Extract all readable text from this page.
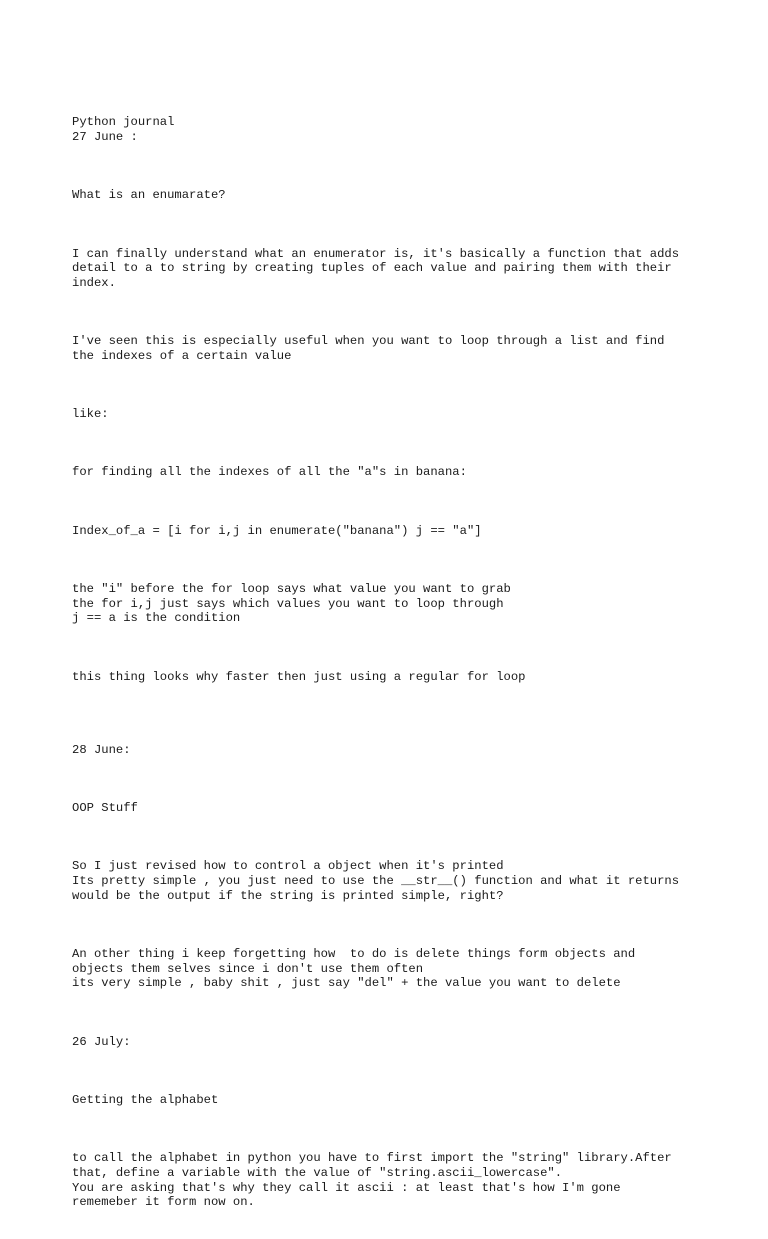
Python journal
27 June :

What is an enumarate?

I can finally understand what an enumerator is, it's basically a function that adds
detail to a to string by creating tuples of each value and pairing them with their
index.

I've seen this is especially useful when you want to loop through a list and find
the indexes of a certain value

like:

for finding all the indexes of all the "a"s in banana:

Index_of_a = [i for i,j in enumerate("banana") j == "a"]

the "i" before the for loop says what value you want to grab
the for i,j just says which values you want to loop through
j == a is the condition

this thing looks why faster then just using a regular for loop

28 June:

OOP Stuff

So I just revised how to control a object when it's printed
Its pretty simple , you just need to use the __str__() function and what it returns
would be the output if the string is printed simple, right?

An other thing i keep forgetting how  to do is delete things form objects and
objects them selves since i don't use them often
its very simple , baby shit , just say "del" + the value you want to delete

26 July:

Getting the alphabet

to call the alphabet in python you have to first import the "string" library.After
that, define a variable with the value of "string.ascii_lowercase".
You are asking that's why they call it ascii : at least that's how I'm gone
rememeber it form now on.
